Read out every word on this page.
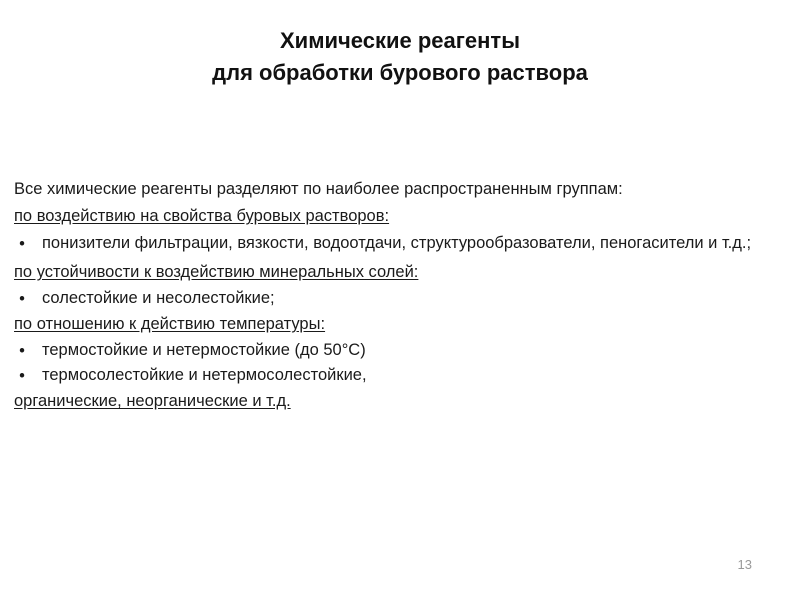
Химические реагенты
для обработки бурового раствора
Все химические реагенты разделяют по наиболее распространенным группам:
по воздействию на свойства буровых растворов:
• понизители фильтрации, вязкости, водоотдачи, структурообразователи, пеногасители и т.д.;
по устойчивости к воздействию минеральных солей:
• солестойкие и несолестойкие;
по отношению к действию температуры:
• термостойкие и нетермостойкие (до 50°С)
• термосолестойкие и нетермосолестойкие,
органические, неорганические и т.д.
13
